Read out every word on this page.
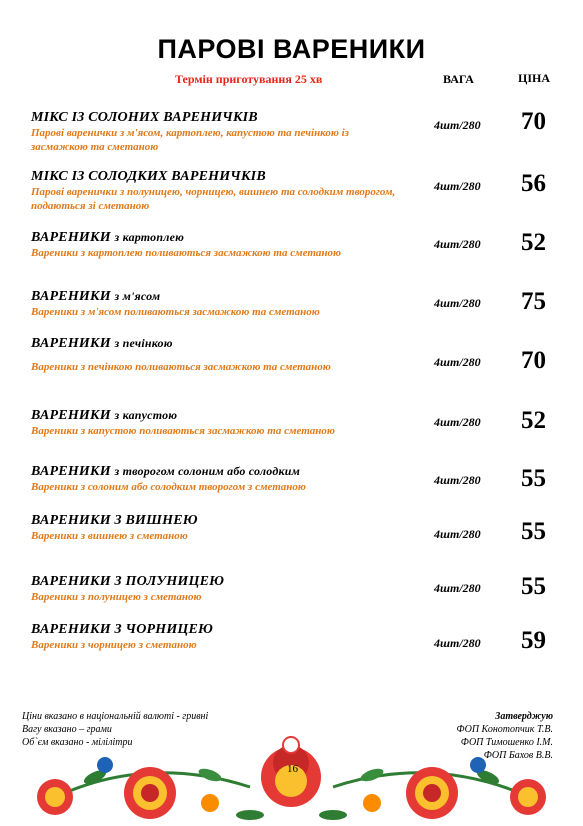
ПАРОВІ ВАРЕНИКИ
Термін приготування 25 хв	ВАГА	ЦІНА
МІКС ІЗ СОЛОНИХ ВАРЕНИЧКІВ
Парові варенички з м'ясом, картоплею, капустою та печінкою із засмажкою та сметаною
4шт/280 70
МІКС ІЗ СОЛОДКИХ ВАРЕНИЧКІВ
Парові варенички з полуницею, чорницею, вишнею та солодким творогом, подаються зі сметаною
4шт/280 56
ВАРЕНИКИ з картоплею
Вареники з картоплею поливаються засмажкою та сметаною
4шт/280 52
ВАРЕНИКИ з м'ясом
Вареники з м'ясом поливаються засмажкою та сметаною
4шт/280 75
ВАРЕНИКИ з печінкою
Вареники з печінкою поливаються засмажкою та сметаною	4шт/280 70
ВАРЕНИКИ з капустою
Вареники з капустою поливаються засмажкою та сметаною
4шт/280 52
ВАРЕНИКИ з творогом солоним або солодким
Вареники з солоним або солодким творогом з сметаною	4шт/280 55
ВАРЕНИКИ З ВИШНЕЮ
Вареники з вишнею з сметаною	4шт/280 55
ВАРЕНИКИ З ПОЛУНИЦЕЮ
Вареники з полуницею з сметаною
4шт/280 55
ВАРЕНИКИ З ЧОРНИЦЕЮ
Вареники з чорницею з сметаною	4шт/280 59
Ціни вказано в національній валюті - гривні
Вагу вказано – грами
Об`єм вказано - мілілітри
Затверджую
ФОП Конотопчик Т.В.
ФОП Тимошенко І.М.
ФОП Бахов В.В.
16
